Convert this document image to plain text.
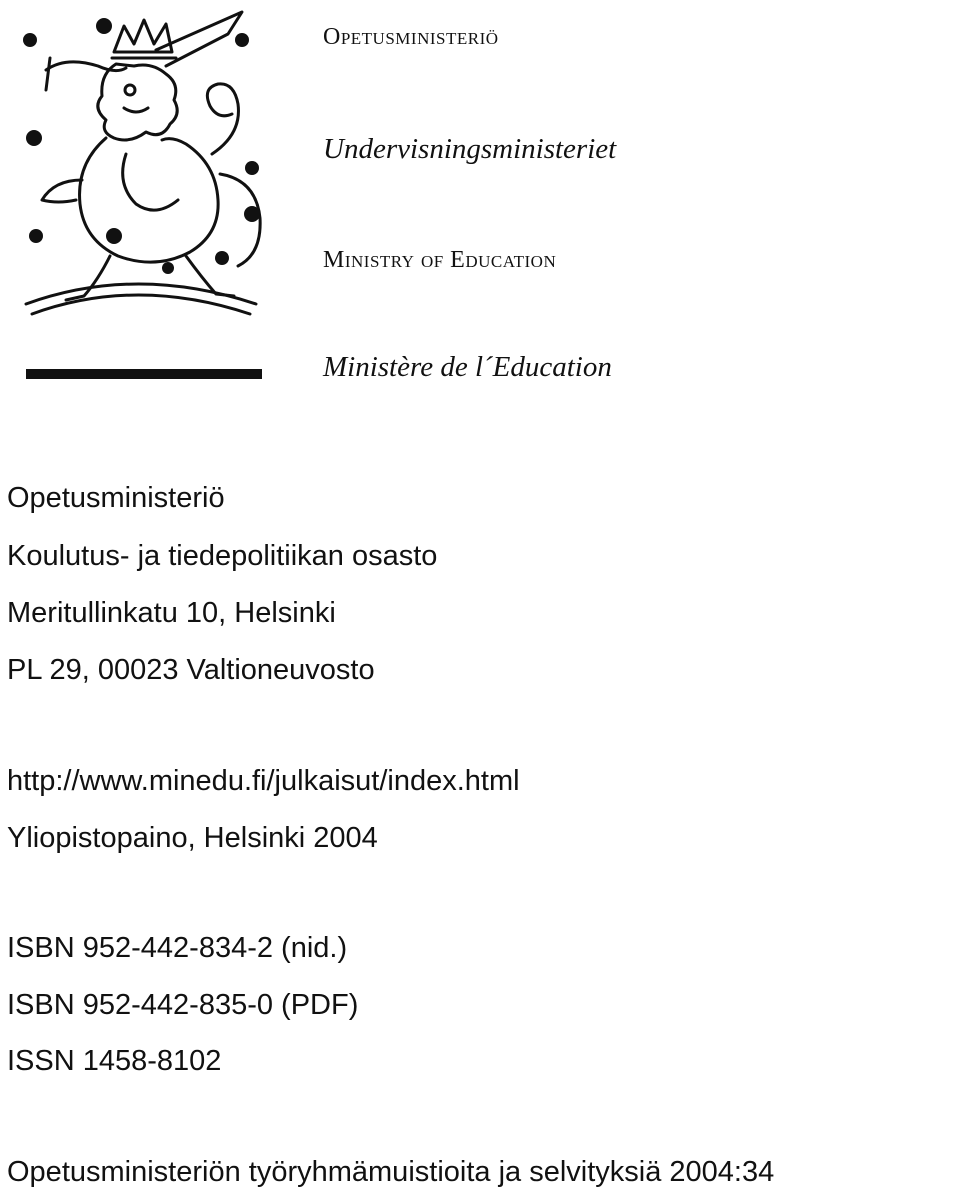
Opetusministeriö
Undervisningsministeriet
Ministry of Education
Ministère de l´Education
Opetusministeriö
Koulutus- ja tiedepolitiikan osasto
Meritullinkatu 10, Helsinki
PL 29, 00023 Valtioneuvosto
http://www.minedu.fi/julkaisut/index.html
Yliopistopaino, Helsinki 2004
ISBN 952-442-834-2 (nid.)
ISBN 952-442-835-0 (PDF)
ISSN 1458-8102
Opetusministeriön työryhmämuistioita ja selvityksiä 2004:34
